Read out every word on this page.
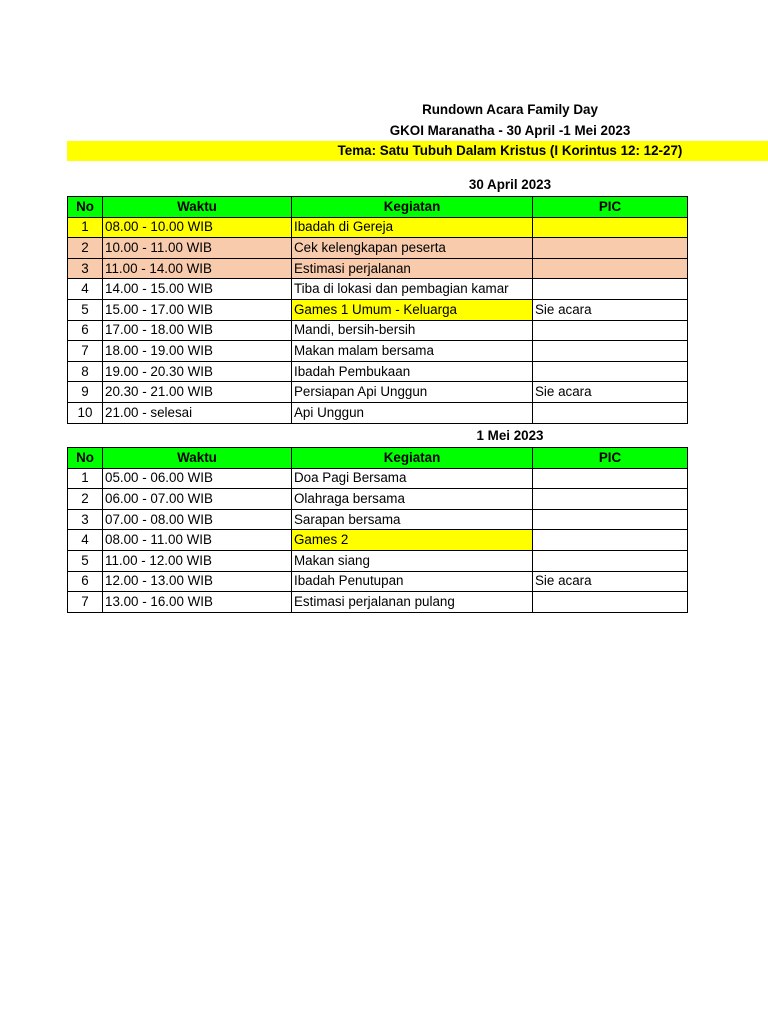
Rundown Acara Family Day
GKOI Maranatha - 30 April -1 Mei 2023
Tema: Satu Tubuh Dalam Kristus (I Korintus 12: 12-27)
30 April 2023
No	Waktu	Kegiatan	PIC
1	08.00 - 10.00 WIB	Ibadah di Gereja	
2	10.00 - 11.00 WIB	Cek kelengkapan peserta	
3	11.00 - 14.00 WIB	Estimasi perjalanan	
4	14.00 - 15.00 WIB	Tiba di lokasi dan pembagian kamar	
5	15.00 - 17.00 WIB	Games 1 Umum - Keluarga	Sie acara
6	17.00 - 18.00 WIB	Mandi, bersih-bersih	
7	18.00 - 19.00 WIB	Makan malam bersama	
8	19.00 - 20.30 WIB	Ibadah Pembukaan	
9	20.30 - 21.00 WIB	Persiapan Api Unggun	Sie acara
10	21.00 - selesai	Api Unggun	
1 Mei 2023
No	Waktu	Kegiatan	PIC
1	05.00 - 06.00 WIB	Doa Pagi Bersama	
2	06.00 - 07.00 WIB	Olahraga bersama	
3	07.00 - 08.00 WIB	Sarapan bersama	
4	08.00 - 11.00 WIB	Games 2	
5	11.00 - 12.00 WIB	Makan siang	
6	12.00 - 13.00 WIB	Ibadah Penutupan	Sie acara
7	13.00 - 16.00 WIB	Estimasi perjalanan pulang	
